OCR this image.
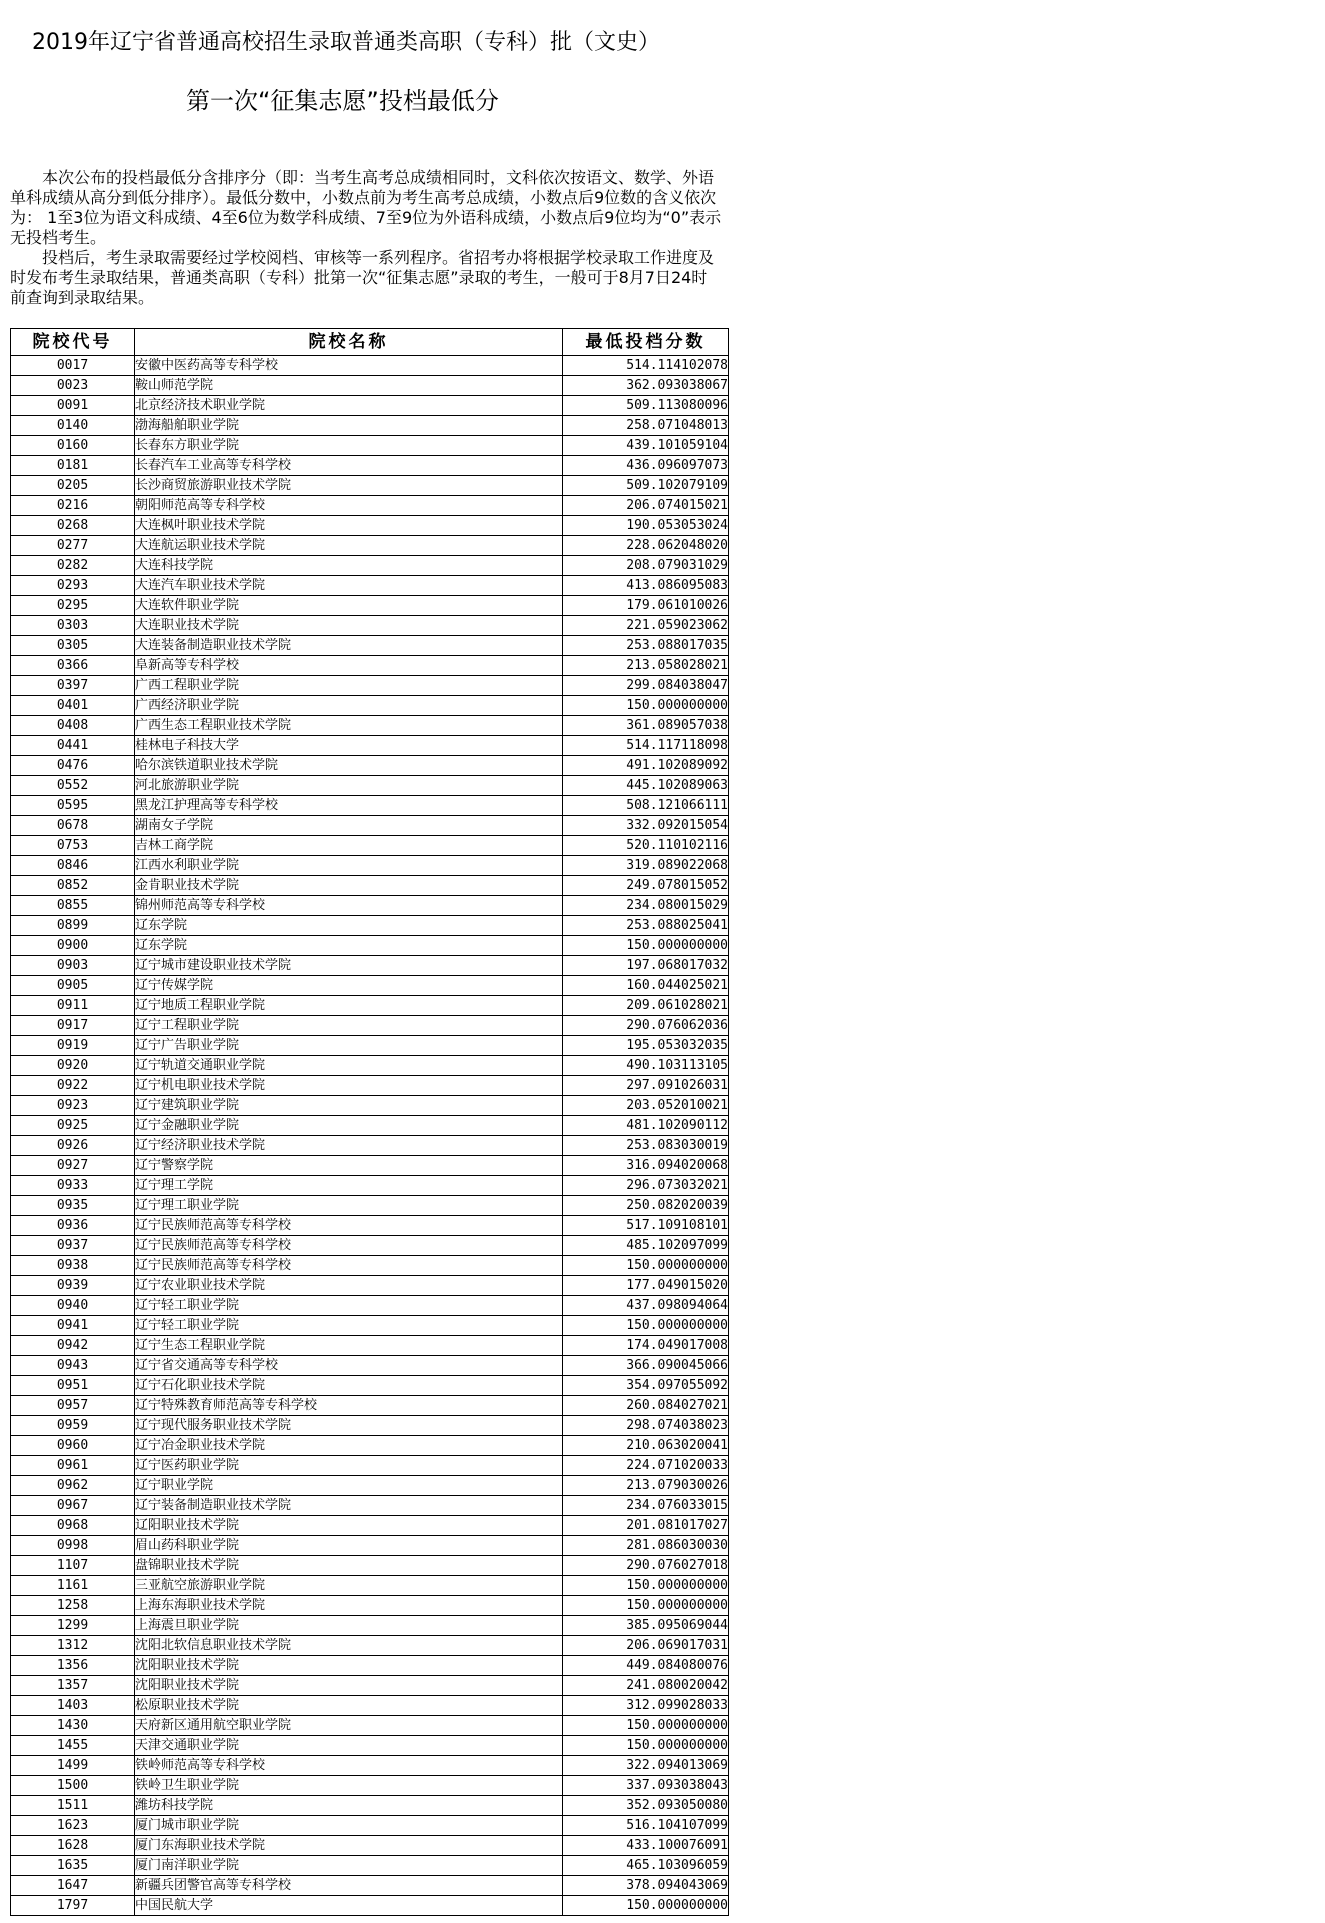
2019年辽宁省普通高校招生录取普通类高职（专科）批（文史）
第一次“征集志愿”投档最低分

本次公布的投档最低分含排序分（即：当考生高考总成绩相同时，文科依次按语文、数学、外语单科成绩从高分到低分排序）。最低分数中，小数点前为考生高考总成绩，小数点后9位数的含义依次为： 1至3位为语文科成绩、4至6位为数学科成绩、7至9位为外语科成绩，小数点后9位均为“0”表示无投档考生。

投档后，考生录取需要经过学校阅档、审核等一系列程序。省招考办将根据学校录取工作进度及时发布考生录取结果，普通类高职（专科）批第一次“征集志愿”录取的考生，一般可于8月7日24时前查询到录取结果。

院校代号	院校名称	最低投档分数
0017	安徽中医药高等专科学校	514.114102078
0023	鞍山师范学院	362.093038067
0091	北京经济技术职业学院	509.113080096
0140	渤海船舶职业学院	258.071048013
0160	长春东方职业学院	439.101059104
0181	长春汽车工业高等专科学校	436.096097073
0205	长沙商贸旅游职业技术学院	509.102079109
0216	朝阳师范高等专科学校	206.074015021
0268	大连枫叶职业技术学院	190.053053024
0277	大连航运职业技术学院	228.062048020
0282	大连科技学院	208.079031029
0293	大连汽车职业技术学院	413.086095083
0295	大连软件职业学院	179.061010026
0303	大连职业技术学院	221.059023062
0305	大连装备制造职业技术学院	253.088017035
0366	阜新高等专科学校	213.058028021
0397	广西工程职业学院	299.084038047
0401	广西经济职业学院	150.000000000
0408	广西生态工程职业技术学院	361.089057038
0441	桂林电子科技大学	514.117118098
0476	哈尔滨铁道职业技术学院	491.102089092
0552	河北旅游职业学院	445.102089063
0595	黑龙江护理高等专科学校	508.121066111
0678	湖南女子学院	332.092015054
0753	吉林工商学院	520.110102116
0846	江西水利职业学院	319.089022068
0852	金肯职业技术学院	249.078015052
0855	锦州师范高等专科学校	234.080015029
0899	辽东学院	253.088025041
0900	辽东学院	150.000000000
0903	辽宁城市建设职业技术学院	197.068017032
0905	辽宁传媒学院	160.044025021
0911	辽宁地质工程职业学院	209.061028021
0917	辽宁工程职业学院	290.076062036
0919	辽宁广告职业学院	195.053032035
0920	辽宁轨道交通职业学院	490.103113105
0922	辽宁机电职业技术学院	297.091026031
0923	辽宁建筑职业学院	203.052010021
0925	辽宁金融职业学院	481.102090112
0926	辽宁经济职业技术学院	253.083030019
0927	辽宁警察学院	316.094020068
0933	辽宁理工学院	296.073032021
0935	辽宁理工职业学院	250.082020039
0936	辽宁民族师范高等专科学校	517.109108101
0937	辽宁民族师范高等专科学校	485.102097099
0938	辽宁民族师范高等专科学校	150.000000000
0939	辽宁农业职业技术学院	177.049015020
0940	辽宁轻工职业学院	437.098094064
0941	辽宁轻工职业学院	150.000000000
0942	辽宁生态工程职业学院	174.049017008
0943	辽宁省交通高等专科学校	366.090045066
0951	辽宁石化职业技术学院	354.097055092
0957	辽宁特殊教育师范高等专科学校	260.084027021
0959	辽宁现代服务职业技术学院	298.074038023
0960	辽宁冶金职业技术学院	210.063020041
0961	辽宁医药职业学院	224.071020033
0962	辽宁职业学院	213.079030026
0967	辽宁装备制造职业技术学院	234.076033015
0968	辽阳职业技术学院	201.081017027
0998	眉山药科职业学院	281.086030030
1107	盘锦职业技术学院	290.076027018
1161	三亚航空旅游职业学院	150.000000000
1258	上海东海职业技术学院	150.000000000
1299	上海震旦职业学院	385.095069044
1312	沈阳北软信息职业技术学院	206.069017031
1356	沈阳职业技术学院	449.084080076
1357	沈阳职业技术学院	241.080020042
1403	松原职业技术学院	312.099028033
1430	天府新区通用航空职业学院	150.000000000
1455	天津交通职业学院	150.000000000
1499	铁岭师范高等专科学校	322.094013069
1500	铁岭卫生职业学院	337.093038043
1511	潍坊科技学院	352.093050080
1623	厦门城市职业学院	516.104107099
1628	厦门东海职业技术学院	433.100076091
1635	厦门南洋职业学院	465.103096059
1647	新疆兵团警官高等专科学校	378.094043069
1797	中国民航大学	150.000000000
